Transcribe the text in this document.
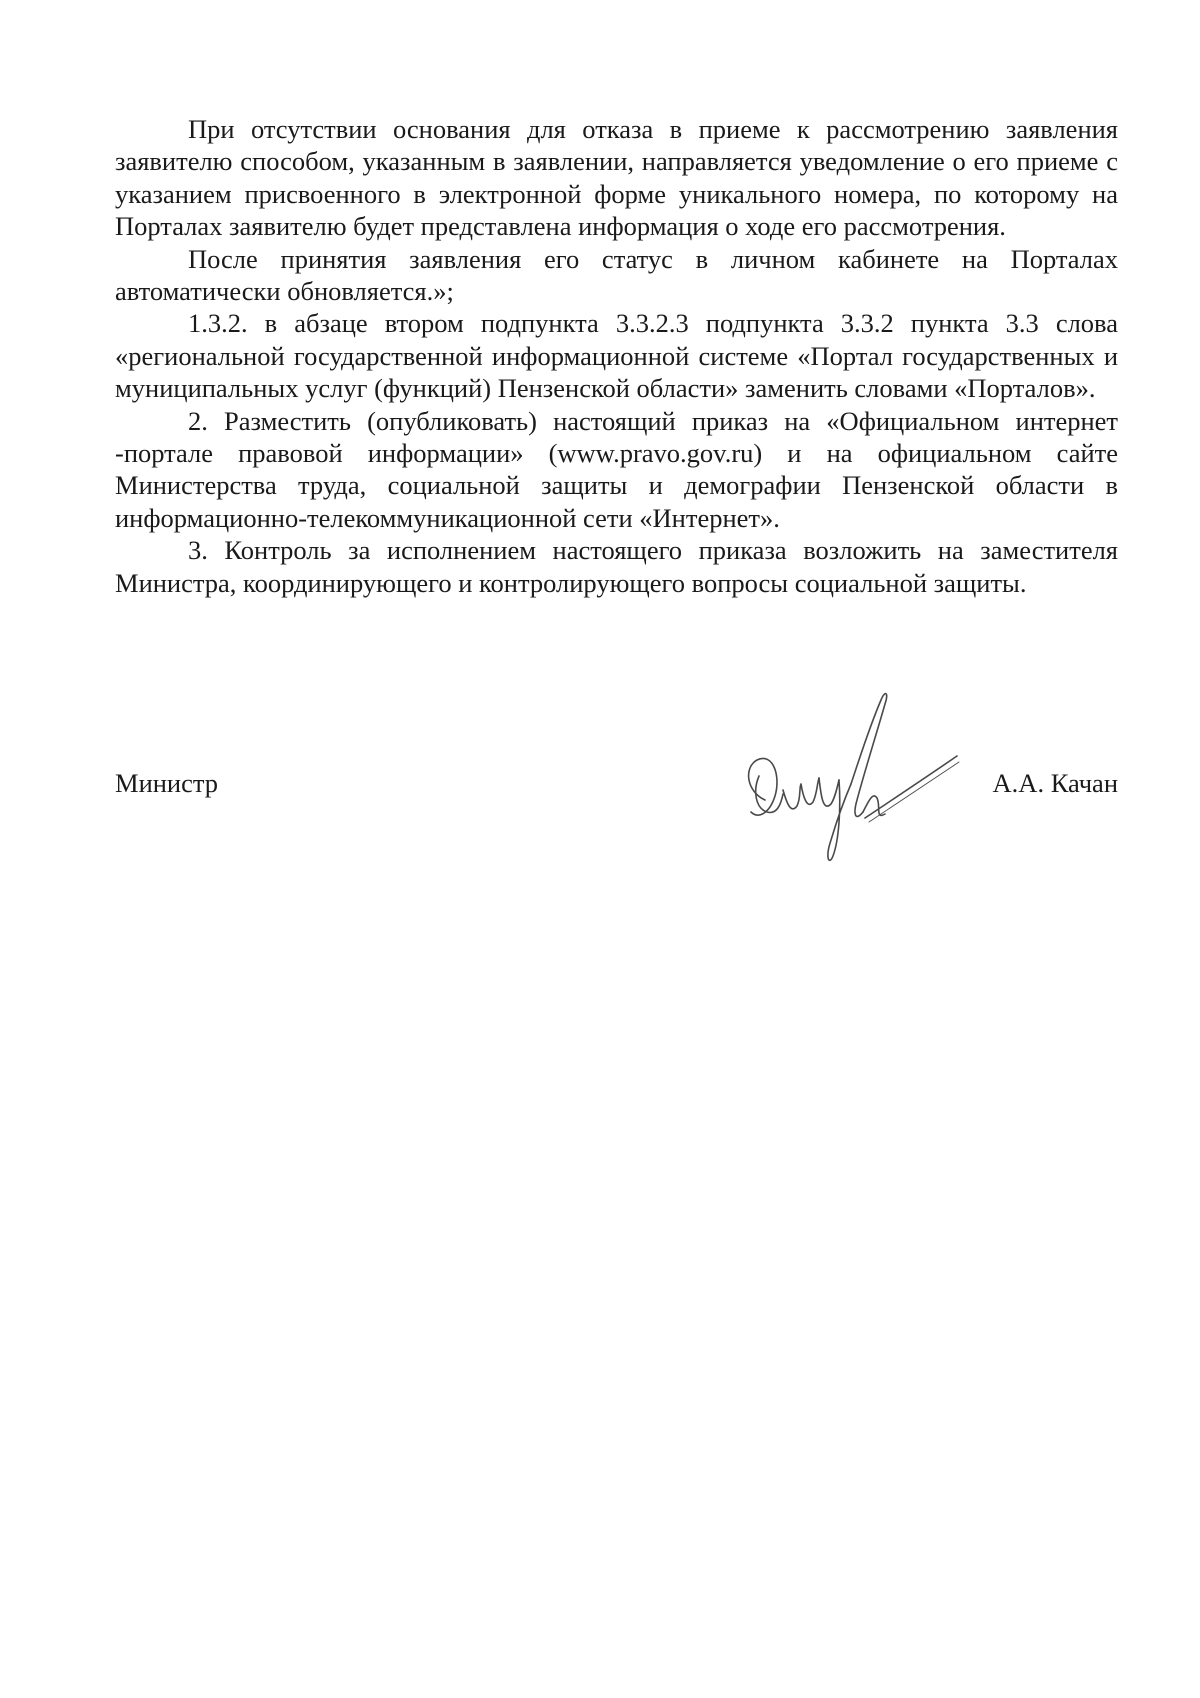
При отсутствии основания для отказа в приеме к рассмотрению заявления заявителю способом, указанным в заявлении, направляется уведомление о его приеме с указанием присвоенного в электронной форме уникального номера, по которому на Порталах заявителю будет представлена информация о ходе его рассмотрения.

После принятия заявления его статус в личном кабинете на Порталах автоматически обновляется.»;

1.3.2. в абзаце втором подпункта 3.3.2.3 подпункта 3.3.2 пункта 3.3 слова «региональной государственной информационной системе «Портал государственных и муниципальных услуг (функций) Пензенской области» заменить словами «Порталов».

2. Разместить (опубликовать) настоящий приказ на «Официальном интернет -портале правовой информации» (www.pravo.gov.ru) и на официальном сайте Министерства труда, социальной защиты и демографии Пензенской области в информационно-телекоммуникационной сети «Интернет».

3. Контроль за исполнением настоящего приказа возложить на заместителя Министра, координирующего и контролирующего вопросы социальной защиты.

Министр	А.А. Качан
